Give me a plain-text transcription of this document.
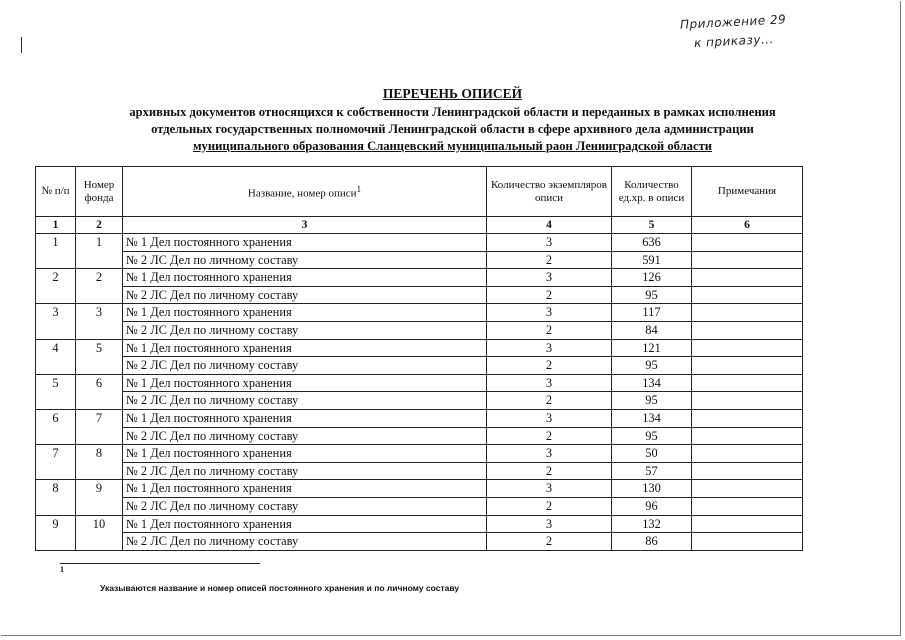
Приложение 29
к приказу...
ПЕРЕЧЕНЬ ОПИСЕЙ
архивных документов относящихся к собственности Ленинградской области и переданных в рамках исполнения
отдельных государственных полномочий Ленинградской области в сфере архивного дела администрации
муниципального образования Сланцевский муниципальный раон Ленинградской области
№ п/п	Номер фонда	Название, номер описи$^1$	Количество экземпляров описи	Количество ед.хр. в описи	Примечания
1	2	3	4	5	6
1	1	№ 1 Дел постоянного хранения	3	636	
		№ 2 ЛС Дел по личному составу	2	591	
2	2	№ 1 Дел постоянного хранения	3	126	
		№ 2 ЛС Дел по личному составу	2	95	
3	3	№ 1 Дел постоянного хранения	3	117	
		№ 2 ЛС Дел по личному составу	2	84	
4	5	№ 1 Дел постоянного хранения	3	121	
		№ 2 ЛС Дел по личному составу	2	95	
5	6	№ 1 Дел постоянного хранения	3	134	
		№ 2 ЛС Дел по личному составу	2	95	
6	7	№ 1 Дел постоянного хранения	3	134	
		№ 2 ЛС Дел по личному составу	2	95	
7	8	№ 1 Дел постоянного хранения	3	50	
		№ 2 ЛС Дел по личному составу	2	57	
8	9	№ 1 Дел постоянного хранения	3	130	
		№ 2 ЛС Дел по личному составу	2	96	
9	10	№ 1 Дел постоянного хранения	3	132	
		№ 2 ЛС Дел по личному составу	2	86	
1
Указываются название и номер описей постоянного хранения и по личному составу
